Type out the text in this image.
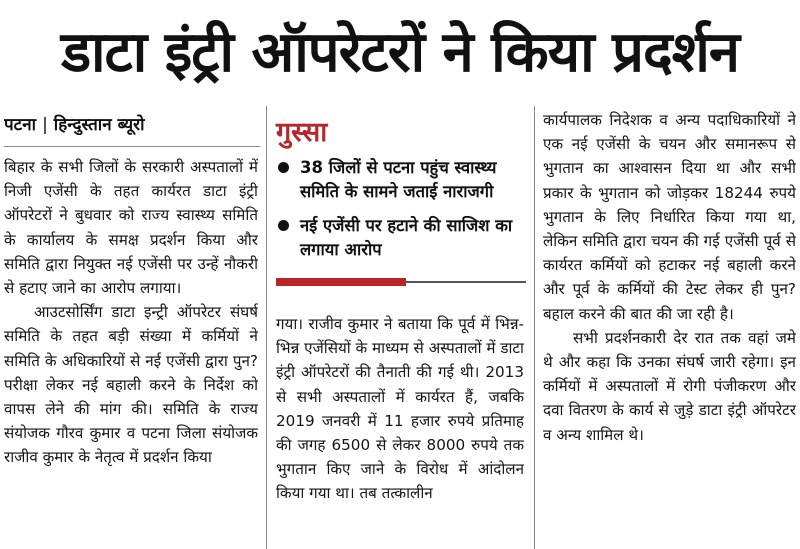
डाटा इंट्री ऑपरेटरों ने किया प्रदर्शन
पटना | हिन्दुस्तान ब्यूरो

बिहार के सभी जिलों के सरकारी अस्पतालों में निजी एजेंसी के तहत कार्यरत डाटा इंट्री ऑपरेटरों ने बुधवार को राज्य स्वास्थ्य समिति के कार्यालय के समक्ष प्रदर्शन किया और समिति द्वारा नियुक्त नई एजेंसी पर उन्हें नौकरी से हटाए जाने का आरोप लगाया।

आउटसोर्सिंग डाटा इन्ट्री ऑपरेटर संघर्ष समिति के तहत बड़ी संख्या में कर्मियों ने समिति के अधिकारियों से नई एजेंसी द्वारा पुन? परीक्षा लेकर नई बहाली करने के निर्देश को वापस लेने की मांग की। समिति के राज्य संयोजक गौरव कुमार व पटना जिला संयोजक राजीव कुमार के नेतृत्व में प्रदर्शन किया

गुस्सा
38 जिलों से पटना पहुंच स्वास्थ्य समिति के सामने जताई नाराजगी
नई एजेंसी पर हटाने की साजिश का लगाया आरोप

गया। राजीव कुमार ने बताया कि पूर्व में भिन्न-भिन्न एजेंसियों के माध्यम से अस्पतालों में डाटा इंट्री ऑपरेटरों की तैनाती की गई थी। 2013 से सभी अस्पतालों में कार्यरत हैं, जबकि 2019 जनवरी में 11 हजार रुपये प्रतिमाह की जगह 6500 से लेकर 8000 रुपये तक भुगतान किए जाने के विरोध में आंदोलन किया गया था। तब तत्कालीन

कार्यपालक निदेशक व अन्य पदाधिकारियों ने एक नई एजेंसी के चयन और समानरूप से भुगतान का आश्वासन दिया था और सभी प्रकार के भुगतान को जोड़कर 18244 रुपये भुगतान के लिए निर्धारित किया गया था, लेकिन समिति द्वारा चयन की गई एजेंसी पूर्व से कार्यरत कर्मियों को हटाकर नई बहाली करने और पूर्व के कर्मियों की टेस्ट लेकर ही पुन? बहाल करने की बात की जा रही है।

सभी प्रदर्शनकारी देर रात तक वहां जमे थे और कहा कि उनका संघर्ष जारी रहेगा। इन कर्मियों में अस्पतालों में रोगी पंजीकरण और दवा वितरण के कार्य से जुड़े डाटा इंट्री ऑपरेटर व अन्य शामिल थे।
